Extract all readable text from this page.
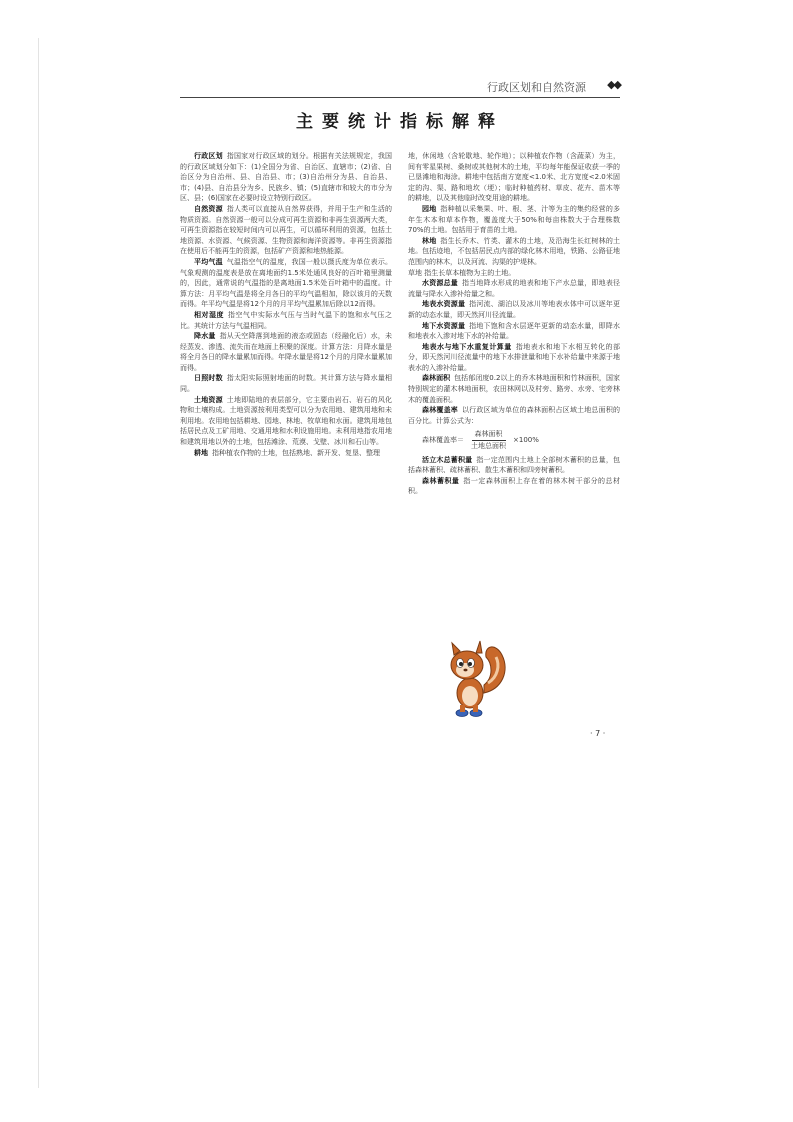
行政区划和自然资源 ◆◆
主要统计指标解释

行政区划 指国家对行政区域的划分。根据有关法规规定，我国的行政区域划分如下：(1)全国分为省、自治区、直辖市；(2)省、自治区分为自治州、县、自治县、市；(3)自治州分为县、自治县、市；(4)县、自治县分为乡、民族乡、镇；(5)直辖市和较大的市分为区、县；(6)国家在必要时设立特别行政区。

自然资源 指人类可以直接从自然界获得，并用于生产和生活的物质资源。自然资源一般可以分成可再生资源和非再生资源两大类，可再生资源指在较短时间内可以再生，可以循环利用的资源，包括土地资源、水资源、气候资源、生物资源和海洋资源等。非再生资源指在使用后不能再生的资源，包括矿产资源和地热能源。

平均气温 气温指空气的温度，我国一般以摄氏度为单位表示。气象观测的温度表是放在离地面约1.5米处通风良好的百叶箱里测量的，因此，通常说的气温指的是离地面1.5米处百叶箱中的温度。计算方法：月平均气温是将全月各日的平均气温相加，除以该月的天数而得。年平均气温是将12个月的月平均气温累加后除以12而得。

相对湿度 指空气中实际水气压与当时气温下的饱和水气压之比。其统计方法与气温相同。

降水量 指从天空降落到地面的液态或固态（经融化后）水，未经蒸发、渗透、流失而在地面上积聚的深度。计算方法：月降水量是将全月各日的降水量累加而得。年降水量是将12个月的月降水量累加而得。

日照时数 指太阳实际照射地面的时数。其计算方法与降水量相同。

土地资源 土地即陆地的表层部分，它主要由岩石、岩石的风化物和土壤构成。土地资源按利用类型可以分为农用地、建筑用地和未利用地。农用地包括耕地、园地、林地、牧草地和水面。建筑用地包括居民点及工矿用地、交通用地和水利设施用地。未利用地指农用地和建筑用地以外的土地，包括滩涂、荒漠、戈壁、冰川和石山等。

耕地 指种植农作物的土地，包括熟地、新开发、复垦、整理

地，休闲地（含轮歇地、轮作地）；以种植农作物（含蔬菜）为主，间有零星果树、桑树或其他树木的土地，平均每年能保证收获一季的已垦滩地和海涂。耕地中包括南方宽度<1.0米、北方宽度<2.0米固定的沟、渠、路和地坎（埂）；临时种植药材、草皮、花卉、苗木等的耕地，以及其他临时改变用途的耕地。

园地 指种植以采集果、叶、根、茎、汁等为主的集约经营的多年生木本和草本作物，覆盖度大于50%和每亩株数大于合理株数70%的土地。包括用于育苗的土地。

林地 指生长乔木、竹类、灌木的土地，及沿海生长红树林的土地。包括迹地，不包括居民点内部的绿化林木用地，铁路、公路征地范围内的林木，以及河流、沟渠的护堤林。

草地 指生长草本植物为主的土地。

水资源总量 指当地降水形成的地表和地下产水总量，即地表径流量与降水入渗补给量之和。

地表水资源量 指河流、湖泊以及冰川等地表水体中可以逐年更新的动态水量，即天然河川径流量。

地下水资源量 指地下饱和含水层逐年更新的动态水量，即降水和地表水入渗对地下水的补给量。

地表水与地下水重复计算量 指地表水和地下水相互转化的部分，即天然河川径流量中的地下水排泄量和地下水补给量中来源于地表水的入渗补给量。

森林面积 包括郁闭度0.2以上的乔木林地面积和竹林面积，国家特别规定的灌木林地面积，农田林网以及村旁、路旁、水旁、宅旁林木的覆盖面积。

森林覆盖率 以行政区域为单位的森林面积占区域土地总面积的百分比。计算公式为：

森林覆盖率＝ $\frac{\text{森林面积}}{\text{土地总面积}} \times 100\%$

活立木总蓄积量 指一定范围内土地上全部树木蓄积的总量，包括森林蓄积、疏林蓄积、散生木蓄积和四旁树蓄积。

森林蓄积量 指一定森林面积上存在着的林木树干部分的总材积。

· 7 ·
